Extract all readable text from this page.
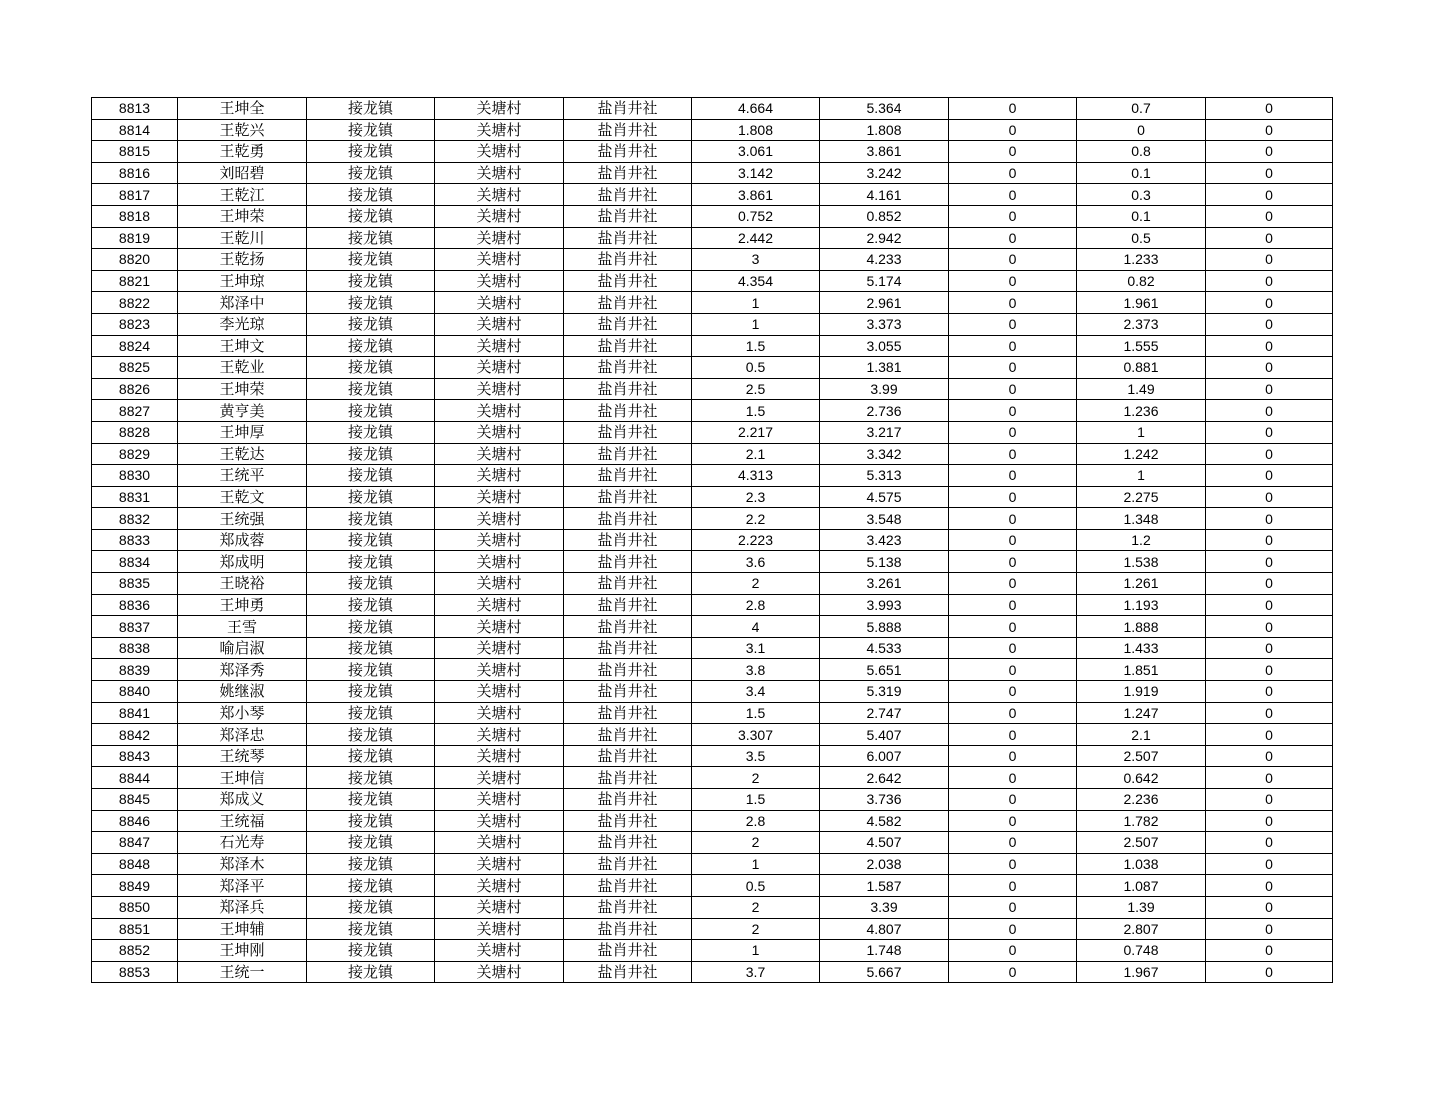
8813	王坤全	接龙镇	关塘村	盐肖井社	4.664	5.364	0	0.7	0
8814	王乾兴	接龙镇	关塘村	盐肖井社	1.808	1.808	0	0	0
8815	王乾勇	接龙镇	关塘村	盐肖井社	3.061	3.861	0	0.8	0
8816	刘昭碧	接龙镇	关塘村	盐肖井社	3.142	3.242	0	0.1	0
8817	王乾江	接龙镇	关塘村	盐肖井社	3.861	4.161	0	0.3	0
8818	王坤荣	接龙镇	关塘村	盐肖井社	0.752	0.852	0	0.1	0
8819	王乾川	接龙镇	关塘村	盐肖井社	2.442	2.942	0	0.5	0
8820	王乾扬	接龙镇	关塘村	盐肖井社	3	4.233	0	1.233	0
8821	王坤琼	接龙镇	关塘村	盐肖井社	4.354	5.174	0	0.82	0
8822	郑泽中	接龙镇	关塘村	盐肖井社	1	2.961	0	1.961	0
8823	李光琼	接龙镇	关塘村	盐肖井社	1	3.373	0	2.373	0
8824	王坤文	接龙镇	关塘村	盐肖井社	1.5	3.055	0	1.555	0
8825	王乾业	接龙镇	关塘村	盐肖井社	0.5	1.381	0	0.881	0
8826	王坤荣	接龙镇	关塘村	盐肖井社	2.5	3.99	0	1.49	0
8827	黄亨美	接龙镇	关塘村	盐肖井社	1.5	2.736	0	1.236	0
8828	王坤厚	接龙镇	关塘村	盐肖井社	2.217	3.217	0	1	0
8829	王乾达	接龙镇	关塘村	盐肖井社	2.1	3.342	0	1.242	0
8830	王统平	接龙镇	关塘村	盐肖井社	4.313	5.313	0	1	0
8831	王乾文	接龙镇	关塘村	盐肖井社	2.3	4.575	0	2.275	0
8832	王统强	接龙镇	关塘村	盐肖井社	2.2	3.548	0	1.348	0
8833	郑成蓉	接龙镇	关塘村	盐肖井社	2.223	3.423	0	1.2	0
8834	郑成明	接龙镇	关塘村	盐肖井社	3.6	5.138	0	1.538	0
8835	王晓裕	接龙镇	关塘村	盐肖井社	2	3.261	0	1.261	0
8836	王坤勇	接龙镇	关塘村	盐肖井社	2.8	3.993	0	1.193	0
8837	王雪	接龙镇	关塘村	盐肖井社	4	5.888	0	1.888	0
8838	喻启淑	接龙镇	关塘村	盐肖井社	3.1	4.533	0	1.433	0
8839	郑泽秀	接龙镇	关塘村	盐肖井社	3.8	5.651	0	1.851	0
8840	姚继淑	接龙镇	关塘村	盐肖井社	3.4	5.319	0	1.919	0
8841	郑小琴	接龙镇	关塘村	盐肖井社	1.5	2.747	0	1.247	0
8842	郑泽忠	接龙镇	关塘村	盐肖井社	3.307	5.407	0	2.1	0
8843	王统琴	接龙镇	关塘村	盐肖井社	3.5	6.007	0	2.507	0
8844	王坤信	接龙镇	关塘村	盐肖井社	2	2.642	0	0.642	0
8845	郑成义	接龙镇	关塘村	盐肖井社	1.5	3.736	0	2.236	0
8846	王统福	接龙镇	关塘村	盐肖井社	2.8	4.582	0	1.782	0
8847	石光寿	接龙镇	关塘村	盐肖井社	2	4.507	0	2.507	0
8848	郑泽木	接龙镇	关塘村	盐肖井社	1	2.038	0	1.038	0
8849	郑泽平	接龙镇	关塘村	盐肖井社	0.5	1.587	0	1.087	0
8850	郑泽兵	接龙镇	关塘村	盐肖井社	2	3.39	0	1.39	0
8851	王坤辅	接龙镇	关塘村	盐肖井社	2	4.807	0	2.807	0
8852	王坤刚	接龙镇	关塘村	盐肖井社	1	1.748	0	0.748	0
8853	王统一	接龙镇	关塘村	盐肖井社	3.7	5.667	0	1.967	0
